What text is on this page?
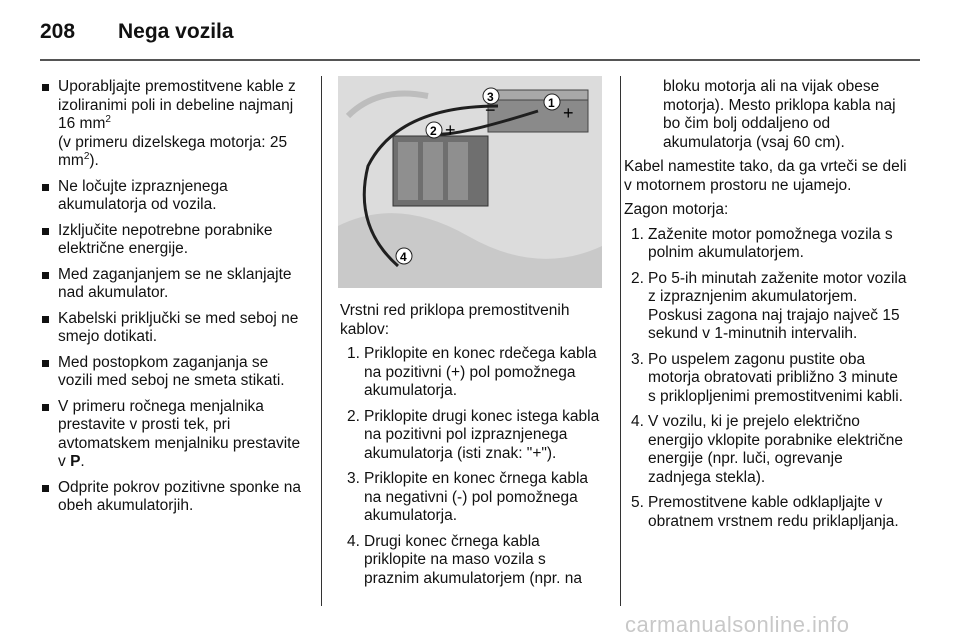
208 Nega vozila
Uporabljajte premostitvene kable z izoliranimi poli in debeline najmanj 16 $mm^2$
(v primeru dizelskega motorja: 25 $mm^2$).
Ne ločujte izpraznjenega akumulatorja od vozila.
Izključite nepotrebne porabnike električne energije.
Med zaganjanjem se ne sklanjajte nad akumulator.
Kabelski priključki se med seboj ne smejo dotikati.
Med postopkom zaganjanja se vozili med seboj ne smeta stikati.
V primeru ročnega menjalnika prestavite v prosti tek, pri avtomatskem menjalniku prestavite v P.
Odprite pokrov pozitivne sponke na obeh akumulatorjih.
1 +
3
−
2 +
4

Vrstni red priklopa premostitvenih kablov:

1. Priklopite en konec rdečega kabla na pozitivni (+) pol pomožnega akumulatorja.
2. Priklopite drugi konec istega kabla na pozitivni pol izpraznjenega akumulatorja (isti znak: "+").
3. Priklopite en konec črnega kabla na negativni (-) pol pomožnega akumulatorja.
4. Drugi konec črnega kabla priklopite na maso vozila s praznim akumulatorjem (npr. na

bloku motorja ali na vijak obese motorja). Mesto priklopa kabla naj bo čim bolj oddaljeno od akumulatorja (vsaj 60 cm).

Kabel namestite tako, da ga vrteči se deli v motornem prostoru ne ujamejo.

Zagon motorja:

1. Zaženite motor pomožnega vozila s polnim akumulatorjem.
2. Po 5-ih minutah zaženite motor vozila z izpraznjenim akumulatorjem. Poskusi zagona naj trajajo največ 15 sekund v 1-minutnih intervalih.
3. Po uspelem zagonu pustite oba motorja obratovati približno 3 minute s priklopljenimi premostitvenimi kabli.
4. V vozilu, ki je prejelo električno energijo vklopite porabnike električne energije (npr. luči, ogrevanje zadnjega stekla).
5. Premostitvene kable odklapljajte v obratnem vrstnem redu priklapljanja.
carmanualsonline.info
